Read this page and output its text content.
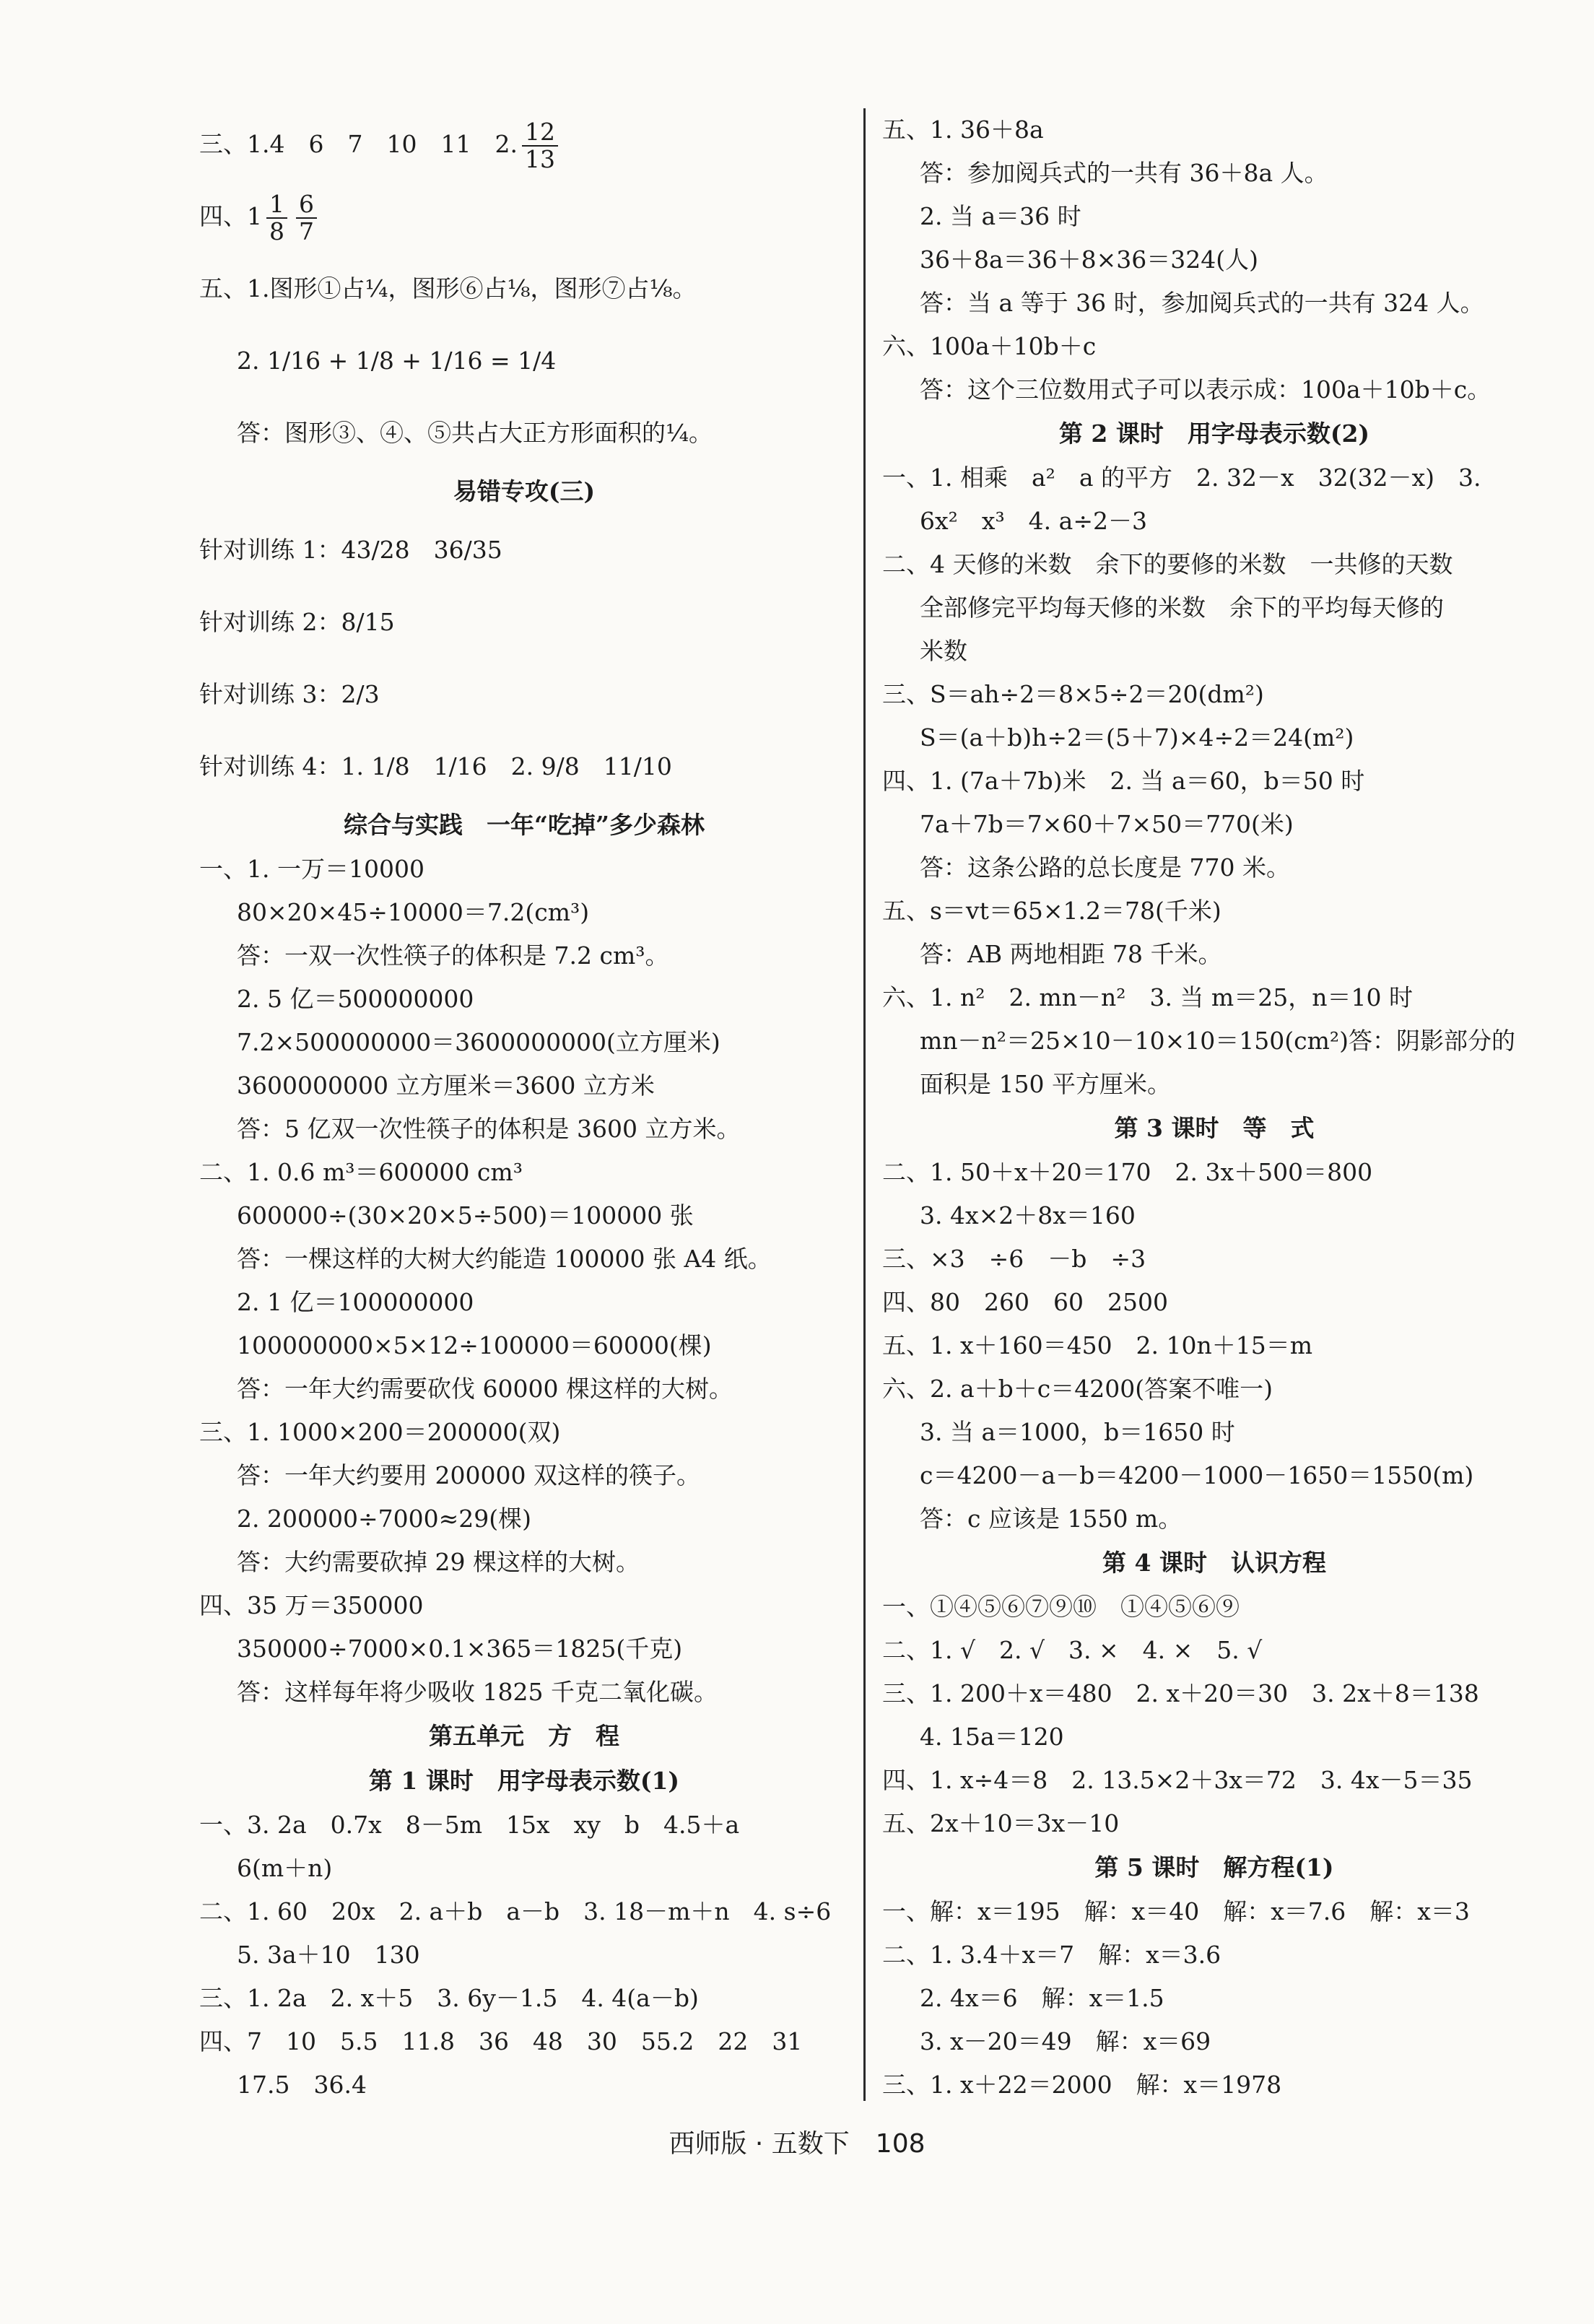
三、1.4　6　7　10　11　2. $\frac{12}{13}$
四、$1 \frac{1}{8} \frac{6}{7}$
五、1.图形①占¼，图形⑥占⅛，图形⑦占⅛。
2. 1/16 + 1/8 + 1/16 = 1/4
答：图形③、④、⑤共占大正方形面积的¼。
易错专攻(三)
针对训练 1：43/28　36/35
针对训练 2：8/15
针对训练 3：2/3
针对训练 4：1. 1/8　1/16　2. 9/8　11/10
综合与实践　一年“吃掉”多少森林
一、1. 一万＝10000
80×20×45÷10000＝7.2(cm³)
答：一双一次性筷子的体积是 7.2 cm³。
2. 5 亿＝500000000
7.2×500000000＝3600000000(立方厘米)
3600000000 立方厘米＝3600 立方米
答：5 亿双一次性筷子的体积是 3600 立方米。
二、1. 0.6 m³＝600000 cm³
600000÷(30×20×5÷500)＝100000 张
答：一棵这样的大树大约能造 100000 张 A4 纸。
2. 1 亿＝100000000
100000000×5×12÷100000＝60000(棵)
答：一年大约需要砍伐 60000 棵这样的大树。
三、1. 1000×200＝200000(双)
答：一年大约要用 200000 双这样的筷子。
2. 200000÷7000≈29(棵)
答：大约需要砍掉 29 棵这样的大树。
四、35 万＝350000
350000÷7000×0.1×365＝1825(千克)
答：这样每年将少吸收 1825 千克二氧化碳。
第五单元　方　程
第 1 课时　用字母表示数(1)
一、3. 2a　0.7x　8－5m　15x　xy　b　4.5＋a
6(m＋n)
二、1. 60　20x　2. a＋b　a－b　3. 18－m＋n　4. s÷6
5. 3a＋10　130
三、1. 2a　2. x＋5　3. 6y－1.5　4. 4(a－b)
四、7　10　5.5　11.8　36　48　30　55.2　22　31
17.5　36.4
五、1. 36＋8a
答：参加阅兵式的一共有 36＋8a 人。
2. 当 a＝36 时
36＋8a＝36＋8×36＝324(人)
答：当 a 等于 36 时，参加阅兵式的一共有 324 人。
六、100a＋10b＋c
答：这个三位数用式子可以表示成：100a＋10b＋c。
第 2 课时　用字母表示数(2)
一、1. 相乘　a²　a 的平方　2. 32－x　32(32－x)　3.
6x²　x³　4. a÷2－3
二、4 天修的米数　余下的要修的米数　一共修的天数
全部修完平均每天修的米数　余下的平均每天修的
米数
三、S＝ah÷2＝8×5÷2＝20(dm²)
S＝(a＋b)h÷2＝(5＋7)×4÷2＝24(m²)
四、1. (7a＋7b)米　2. 当 a＝60，b＝50 时
7a＋7b＝7×60＋7×50＝770(米)
答：这条公路的总长度是 770 米。
五、s＝vt＝65×1.2＝78(千米)
答：AB 两地相距 78 千米。
六、1. n²　2. mn－n²　3. 当 m＝25，n＝10 时
mn－n²＝25×10－10×10＝150(cm²)答：阴影部分的
面积是 150 平方厘米。
第 3 课时　等　式
二、1. 50＋x＋20＝170　2. 3x＋500＝800
3. 4x×2＋8x＝160
三、×3　÷6　－b　÷3
四、80　260　60　2500
五、1. x＋160＝450　2. 10n＋15＝m
六、2. a＋b＋c＝4200(答案不唯一)
3. 当 a＝1000，b＝1650 时
c＝4200－a－b＝4200－1000－1650＝1550(m)
答：c 应该是 1550 m。
第 4 课时　认识方程
一、①④⑤⑥⑦⑨⑩　①④⑤⑥⑨
二、1. √　2. √　3. ×　4. ×　5. √
三、1. 200＋x＝480　2. x＋20＝30　3. 2x＋8＝138
4. 15a＝120
四、1. x÷4＝8　2. 13.5×2＋3x＝72　3. 4x－5＝35
五、2x＋10＝3x－10
第 5 课时　解方程(1)
一、解：x＝195　解：x＝40　解：x＝7.6　解：x＝3
二、1. 3.4＋x＝7　解：x＝3.6
2. 4x＝6　解：x＝1.5
3. x－20＝49　解：x＝69
三、1. x＋22＝2000　解：x＝1978
西师版 · 五数下　108
